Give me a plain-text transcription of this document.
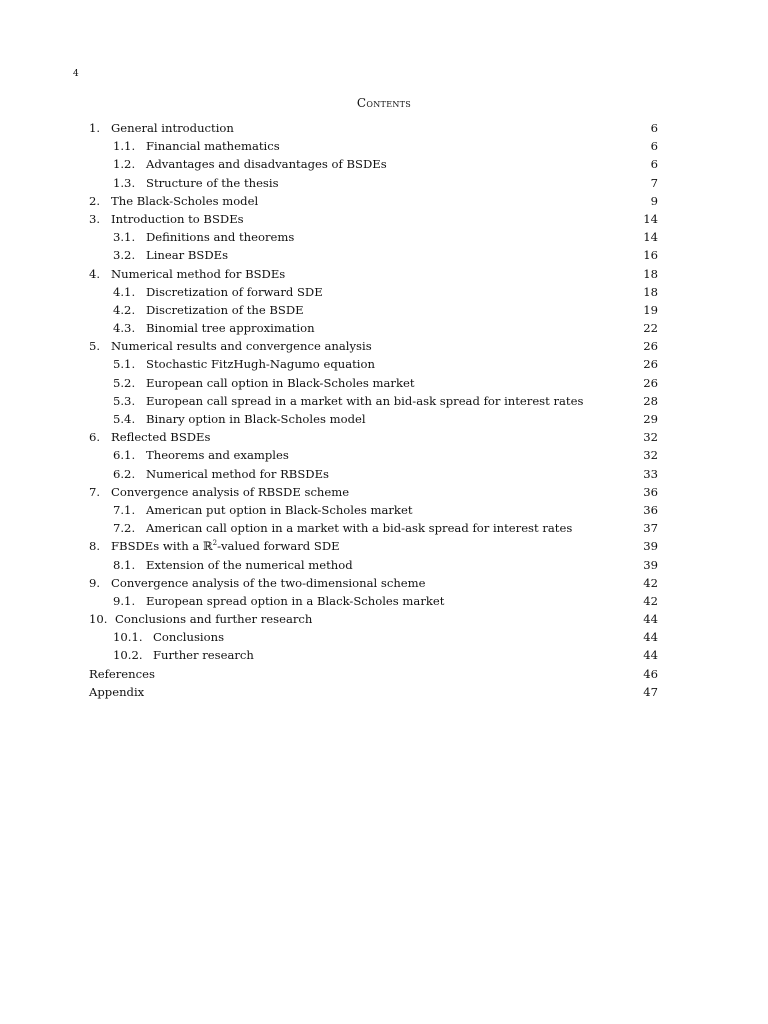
4
Contents
1. General introduction	6
1.1. Financial mathematics	6
1.2. Advantages and disadvantages of BSDEs	6
1.3. Structure of the thesis	7
2. The Black-Scholes model	9
3. Introduction to BSDEs	14
3.1. Definitions and theorems	14
3.2. Linear BSDEs	16
4. Numerical method for BSDEs	18
4.1. Discretization of forward SDE	18
4.2. Discretization of the BSDE	19
4.3. Binomial tree approximation	22
5. Numerical results and convergence analysis	26
5.1. Stochastic FitzHugh-Nagumo equation	26
5.2. European call option in Black-Scholes market	26
5.3. European call spread in a market with an bid-ask spread for interest rates	28
5.4. Binary option in Black-Scholes model	29
6. Reflected BSDEs	32
6.1. Theorems and examples	32
6.2. Numerical method for RBSDEs	33
7. Convergence analysis of RBSDE scheme	36
7.1. American put option in Black-Scholes market	36
7.2. American call option in a market with a bid-ask spread for interest rates	37
8. FBSDEs with a ℝ$^2$-valued forward SDE	39
8.1. Extension of the numerical method	39
9. Convergence analysis of the two-dimensional scheme	42
9.1. European spread option in a Black-Scholes market	42
10. Conclusions and further research	44
10.1. Conclusions	44
10.2. Further research	44
References	46
Appendix	47
